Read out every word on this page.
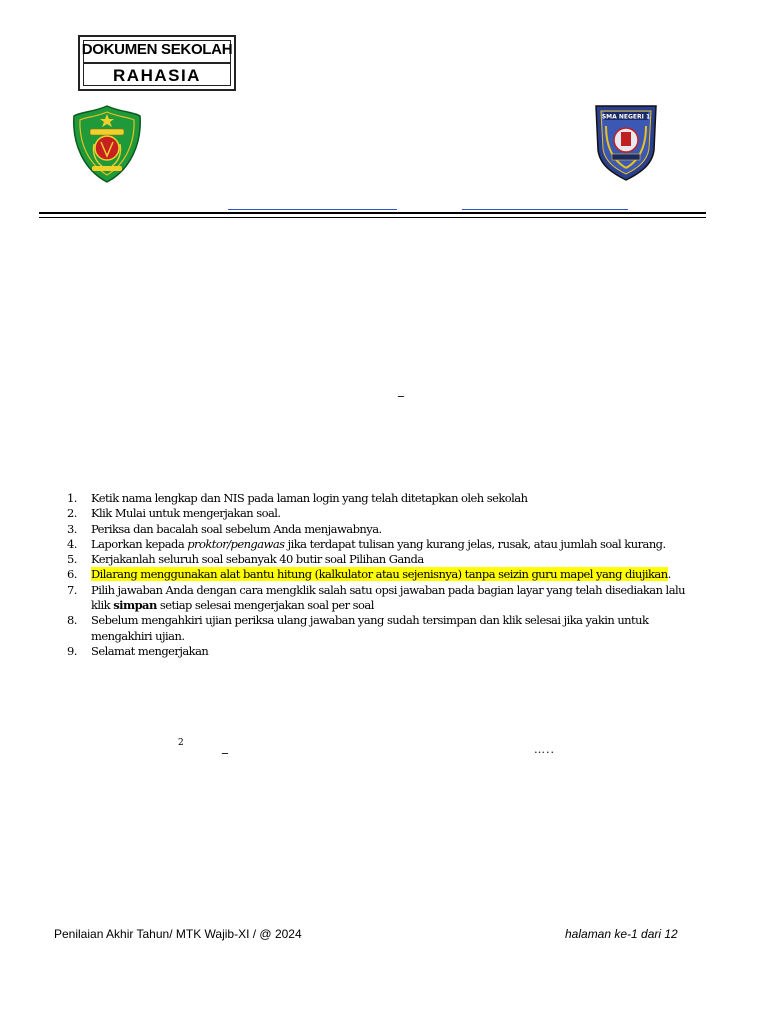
DOKUMEN SEKOLAH
RAHASIA
SMA NEGERI 1
_
1. Ketik nama lengkap dan NIS pada laman login yang telah ditetapkan oleh sekolah
2. Klik Mulai untuk mengerjakan soal.
3. Periksa dan bacalah soal sebelum Anda menjawabnya.
4. Laporkan kepada proktor/pengawas jika terdapat tulisan yang kurang jelas, rusak, atau jumlah soal kurang.
5. Kerjakanlah seluruh soal sebanyak 40 butir soal Pilihan Ganda
6. Dilarang menggunakan alat bantu hitung (kalkulator atau sejenisnya) tanpa seizin guru mapel yang diujikan.
7. Pilih jawaban Anda dengan cara mengklik salah satu opsi jawaban pada bagian layar yang telah disediakan lalu
klik simpan setiap selesai mengerjakan soal per soal
8. Sebelum mengahkiri ujian periksa ulang jawaban yang sudah tersimpan dan klik selesai jika yakin untuk
mengakhiri ujian.
9. Selamat mengerjakan
2	_	…..
Penilaian Akhir Tahun/ MTK Wajib-XI / @ 2024	halaman ke-1 dari 12
